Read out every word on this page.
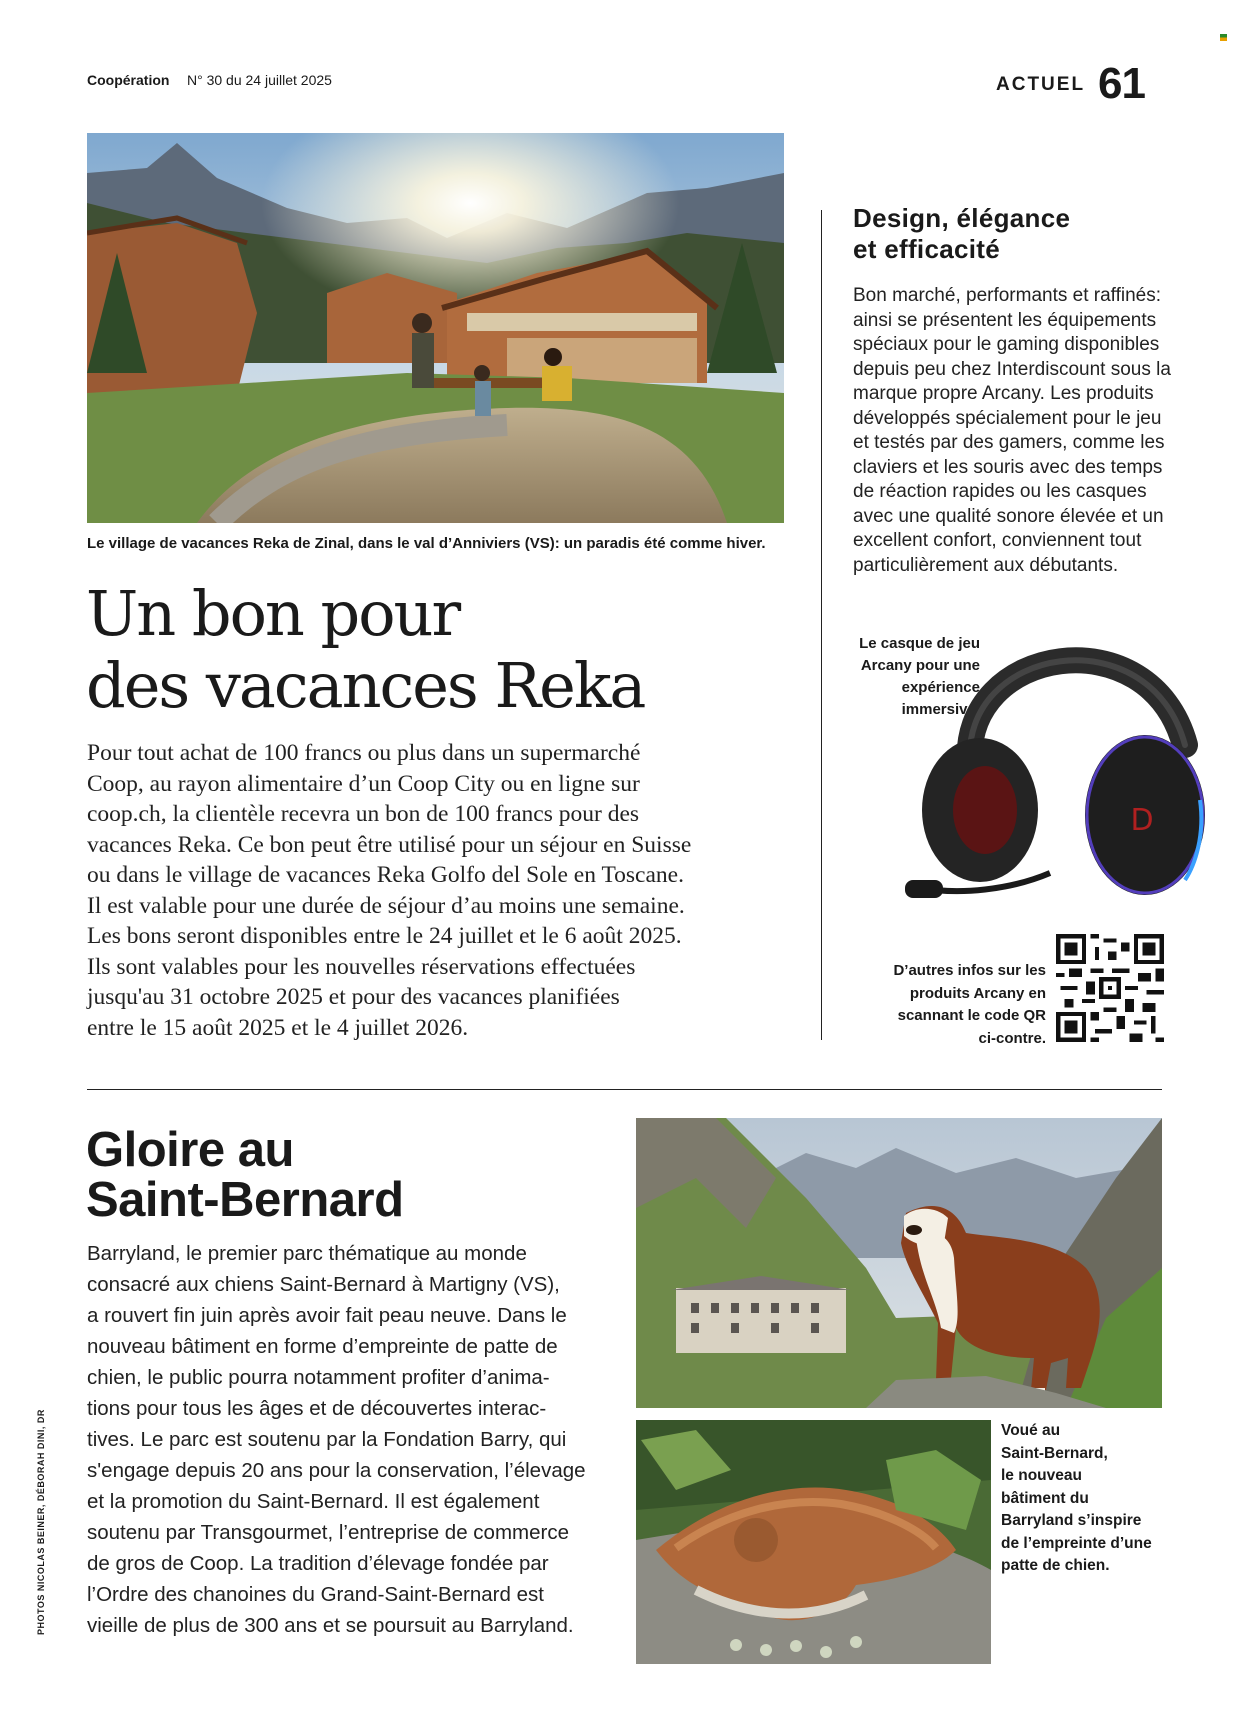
Coopération N° 30 du 24 juillet 2025	ACTUEL 61
Le village de vacances Reka de Zinal, dans le val d’Anniviers (VS): un paradis été comme hiver.
Un bon pour
des vacances Reka
Pour tout achat de 100 francs ou plus dans un supermarché
Coop, au rayon alimentaire d’un Coop City ou en ligne sur
coop.ch, la clientèle recevra un bon de 100 francs pour des
vacances Reka. Ce bon peut être utilisé pour un séjour en Suisse
ou dans le village de vacances Reka Golfo del Sole en Toscane.
Il est valable pour une durée de séjour d’au moins une semaine.
Les bons seront disponibles entre le 24 juillet et le 6 août 2025.
Ils sont valables pour les nouvelles réservations effectuées
jusqu'au 31 octobre 2025 et pour des vacances planifiées
entre le 15 août 2025 et le 4 juillet 2026.
Design, élégance
et efficacité
Bon marché, performants et raffinés:
ainsi se présentent les équipements
spéciaux pour le gaming disponibles
depuis peu chez Interdiscount sous la
marque propre Arcany. Les produits
développés spécialement pour le jeu
et testés par des gamers, comme les
claviers et les souris avec des temps
de réaction rapides ou les casques
avec une qualité sonore élevée et un
excellent confort, conviennent tout
particulièrement aux débutants.
Le casque de jeu
Arcany pour une
expérience
immersive.
D
D’autres infos sur les
produits Arcany en
scannant le code QR
ci-contre.
Gloire au
Saint-Bernard
Barryland, le premier parc thématique au monde
consacré aux chiens Saint-Bernard à Martigny (VS),
a rouvert fin juin après avoir fait peau neuve. Dans le
nouveau bâtiment en forme d’empreinte de patte de
chien, le public pourra notamment profiter d’anima-
tions pour tous les âges et de découvertes interac-
tives. Le parc est soutenu par la Fondation Barry, qui
s'engage depuis 20 ans pour la conservation, l’élevage
et la promotion du Saint-Bernard. Il est également
soutenu par Transgourmet, l’entreprise de commerce
de gros de Coop. La tradition d’élevage fondée par
l’Ordre des chanoines du Grand-Saint-Bernard est
vieille de plus de 300 ans et se poursuit au Barryland.
Voué au
Saint-Bernard,
le nouveau
bâtiment du
Barryland s’inspire
de l’empreinte d’une
patte de chien.
PHOTOS NICOLAS BEINER, DÉBORAH DINI, DR
